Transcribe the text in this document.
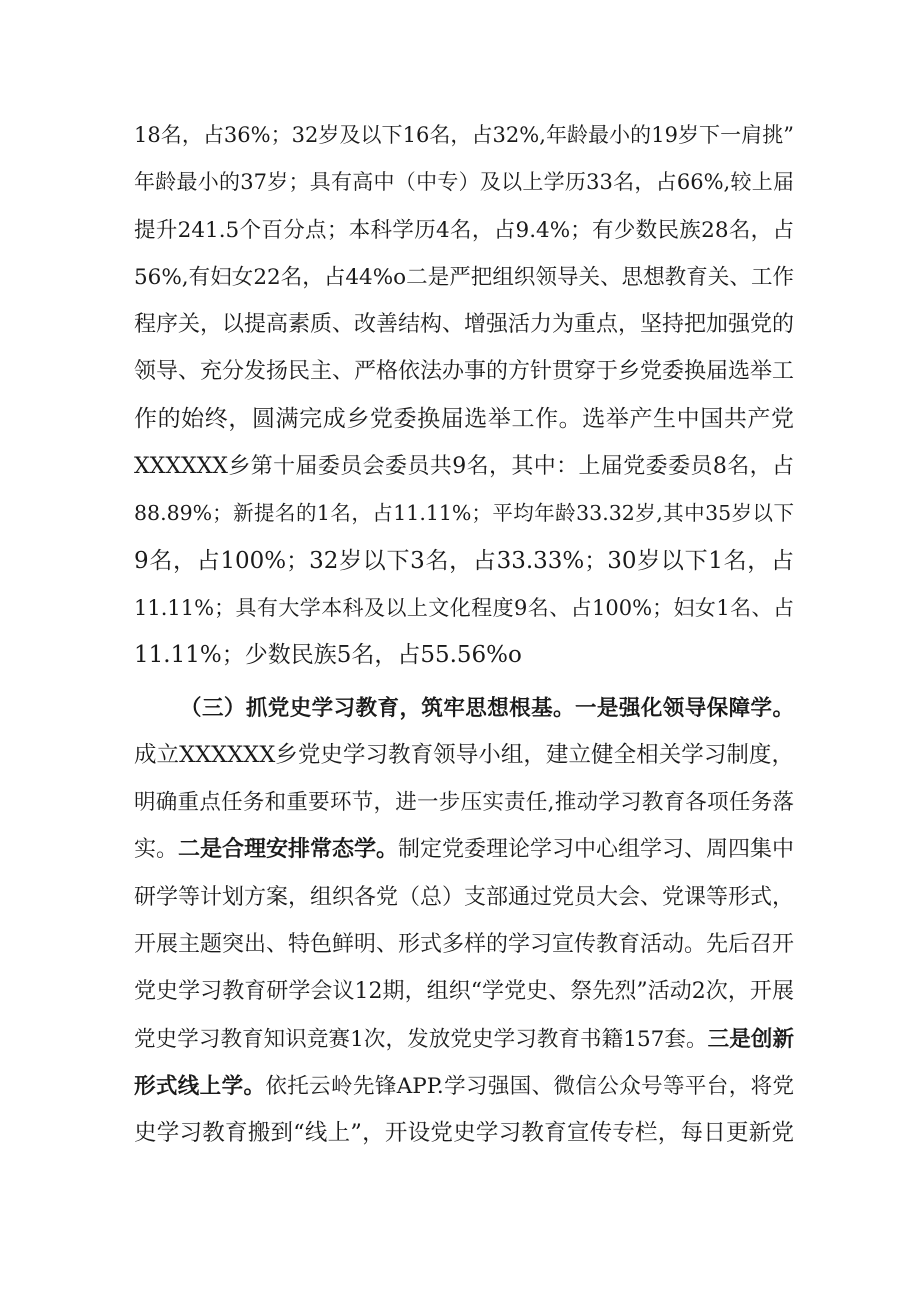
18名，占36%；32岁及以下16名，占32%,年龄最小的19岁下一肩挑”
年龄最小的37岁；具有高中（中专）及以上学历33名，占66%,较上届
提升241.5个百分点；本科学历4名，占9.4%；有少数民族28名，占
56%,有妇女22名，占44%o二是严把组织领导关、思想教育关、工作
程序关，以提高素质、改善结构、增强活力为重点，坚持把加强党的
领导、充分发扬民主、严格依法办事的方针贯穿于乡党委换届选举工
作的始终，圆满完成乡党委换届选举工作。选举产生中国共产党
XXXXXX乡第十届委员会委员共9名，其中：上届党委委员8名，占
88.89%；新提名的1名，占11.11%；平均年龄33.32岁,其中35岁以下
9名，占100%；32岁以下3名，占33.33%；30岁以下1名，占
11.11%；具有大学本科及以上文化程度9名、占100%；妇女1名、占
11.11%；少数民族5名，占55.56%o
（三）抓党史学习教育，筑牢思想根基。一是强化领导保障学。
成立XXXXXX乡党史学习教育领导小组，建立健全相关学习制度，
明确重点任务和重要环节，进一步压实责任,推动学习教育各项任务落
实。二是合理安排常态学。制定党委理论学习中心组学习、周四集中
研学等计划方案，组织各党（总）支部通过党员大会、党课等形式，
开展主题突出、特色鲜明、形式多样的学习宣传教育活动。先后召开
党史学习教育研学会议12期，组织“学党史、祭先烈”活动2次，开展
党史学习教育知识竞赛1次，发放党史学习教育书籍157套。三是创新
形式线上学。依托云岭先锋APP.学习强国、微信公众号等平台，将党
史学习教育搬到“线上”，开设党史学习教育宣传专栏，每日更新党
